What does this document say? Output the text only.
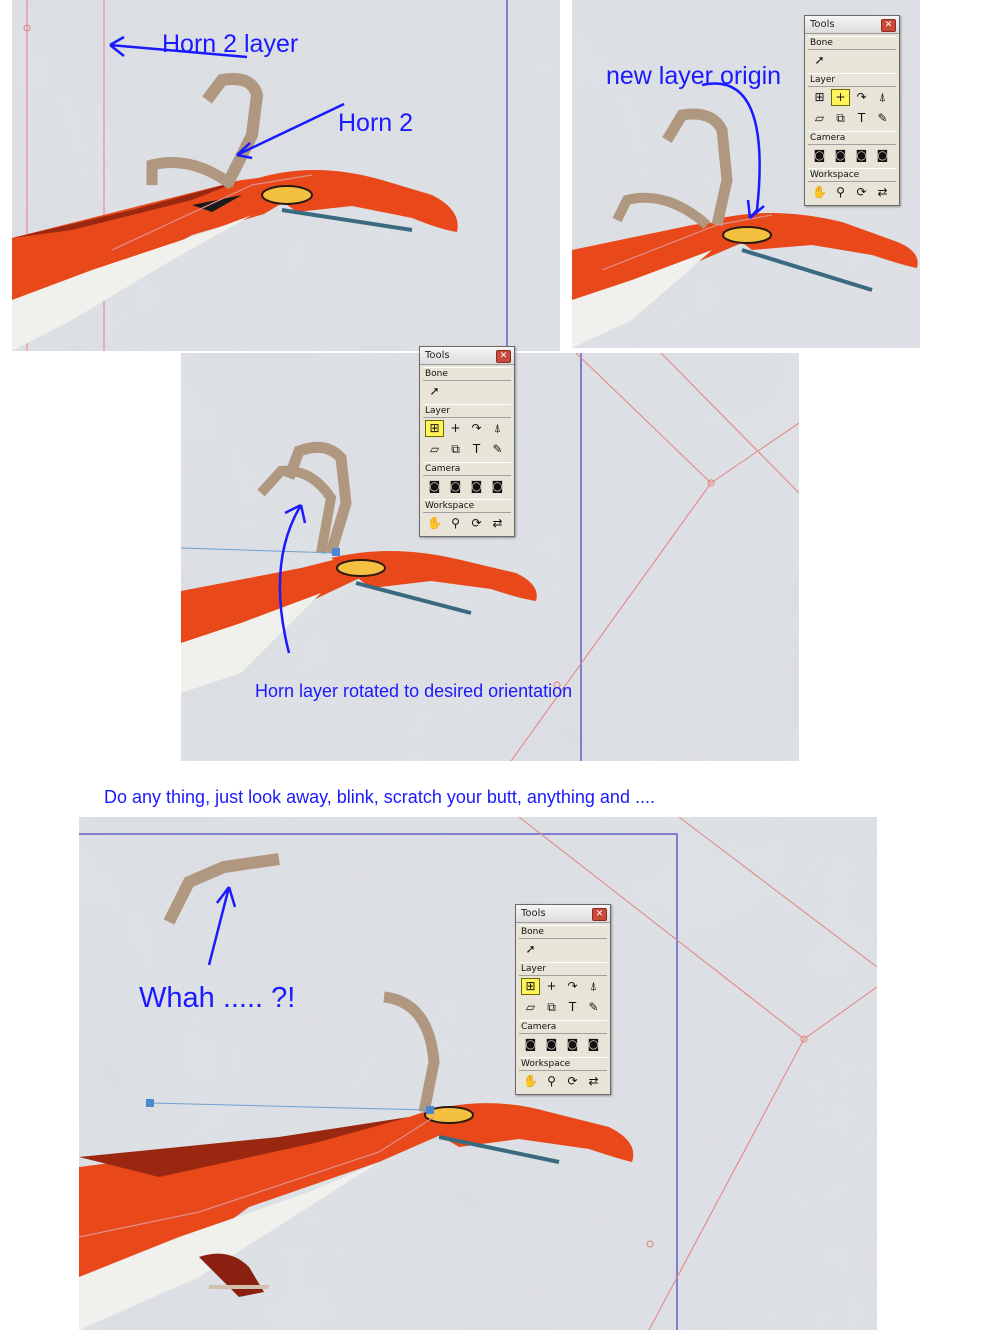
Horn 2 layer
Horn 2
new layer origin
Horn layer rotated to desired orientation
Do any thing, just look away, blink, scratch your butt, anything and ....
Whah ..... ?!
Tools	✕
Bone
➚
Layer
⊞ + ↷	⍋
▱	⧉	T	✎
Camera
◙ ◙ ◙ ◙
Workspace
✋ ⚲ ⟳ ⇄
Tools	✕
Bone
➚
Layer
⊞ + ↷	⍋
▱	⧉	T	✎
Camera
◙ ◙ ◙ ◙
Workspace
✋ ⚲ ⟳ ⇄
Tools	✕
Bone
➚
Layer
⊞ + ↷	⍋
▱	⧉	T	✎
Camera
◙ ◙ ◙ ◙
Workspace
✋ ⚲ ⟳ ⇄
